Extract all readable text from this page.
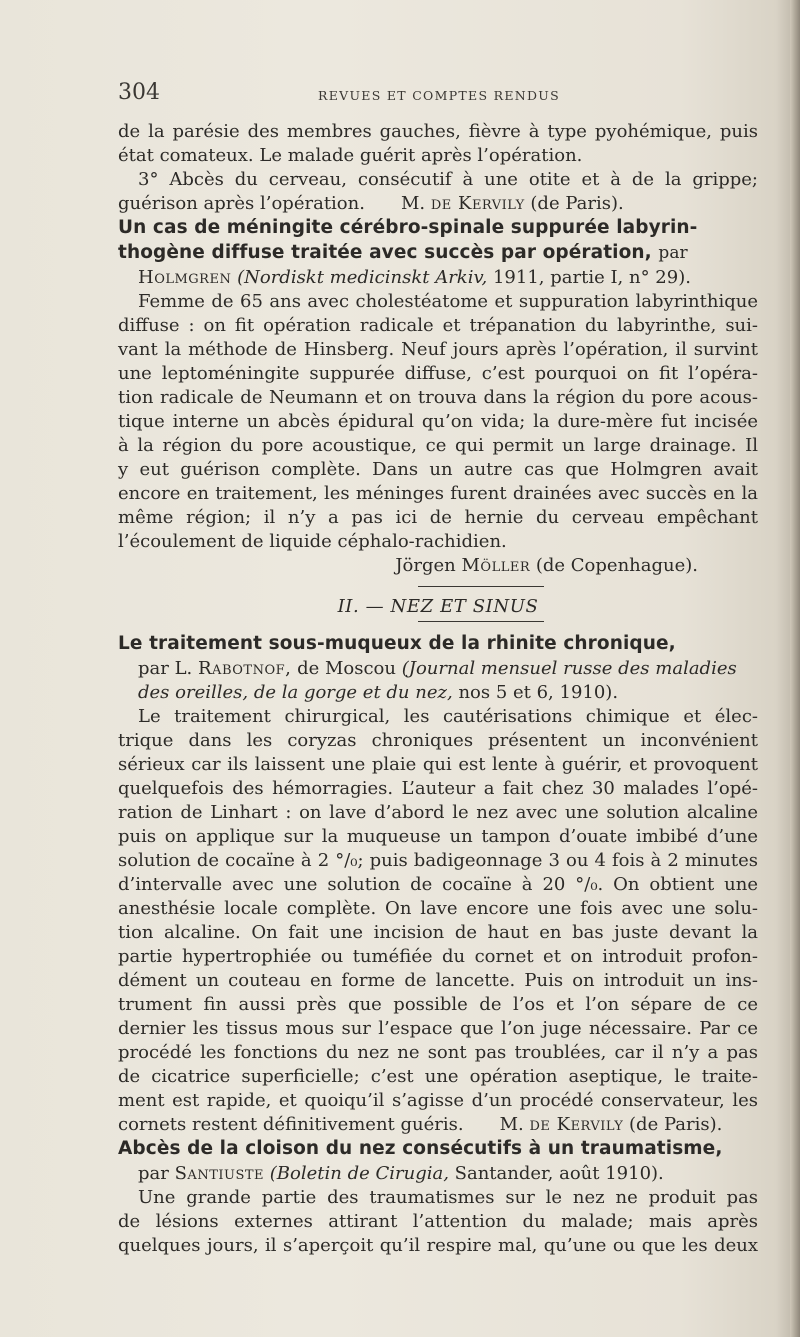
304	REVUES ET COMPTES RENDUS
de la parésie des membres gauches, fièvre à type pyohémique, puis
état comateux. Le malade guérit après l’opération.
3° Abcès du cerveau, consécutif à une otite et à de la grippe;
guérison après l’opération. M. de Kervily (de Paris).
Un cas de méningite cérébro-spinale suppurée labyrin-
thogène diffuse traitée avec succès par opération, par
Holmgren (Nordiskt medicinskt Arkiv, 1911, partie I, n° 29).
Femme de 65 ans avec cholestéatome et suppuration labyrinthique
diffuse : on fit opération radicale et trépanation du labyrinthe, sui-
vant la méthode de Hinsberg. Neuf jours après l’opération, il survint
une leptoméningite suppurée diffuse, c’est pourquoi on fit l’opéra-
tion radicale de Neumann et on trouva dans la région du pore acous-
tique interne un abcès épidural qu’on vida; la dure-mère fut incisée
à la région du pore acoustique, ce qui permit un large drainage. Il
y eut guérison complète. Dans un autre cas que Holmgren avait
encore en traitement, les méninges furent drainées avec succès en la
même région; il n’y a pas ici de hernie du cerveau empêchant
l’écoulement de liquide céphalo-rachidien.
Jörgen Möller (de Copenhague).
II. — NEZ ET SINUS
Le traitement sous-muqueux de la rhinite chronique,
par L. Rabotnof, de Moscou (Journal mensuel russe des maladies
des oreilles, de la gorge et du nez, nos 5 et 6, 1910).
Le traitement chirurgical, les cautérisations chimique et élec-
trique dans les coryzas chroniques présentent un inconvénient
sérieux car ils laissent une plaie qui est lente à guérir, et provoquent
quelquefois des hémorragies. L’auteur a fait chez 30 malades l’opé-
ration de Linhart : on lave d’abord le nez avec une solution alcaline
puis on applique sur la muqueuse un tampon d’ouate imbibé d’une
solution de cocaïne à 2 °/₀; puis badigeonnage 3 ou 4 fois à 2 minutes
d’intervalle avec une solution de cocaïne à 20 °/₀. On obtient une
anesthésie locale complète. On lave encore une fois avec une solu-
tion alcaline. On fait une incision de haut en bas juste devant la
partie hypertrophiée ou tuméfiée du cornet et on introduit profon-
dément un couteau en forme de lancette. Puis on introduit un ins-
trument fin aussi près que possible de l’os et l’on sépare de ce
dernier les tissus mous sur l’espace que l’on juge nécessaire. Par ce
procédé les fonctions du nez ne sont pas troublées, car il n’y a pas
de cicatrice superficielle; c’est une opération aseptique, le traite-
ment est rapide, et quoiqu’il s’agisse d’un procédé conservateur, les
cornets restent définitivement guéris. M. de Kervily (de Paris).
Abcès de la cloison du nez consécutifs à un traumatisme,
par Santiuste (Boletin de Cirugia, Santander, août 1910).
Une grande partie des traumatismes sur le nez ne produit pas
de lésions externes attirant l’attention du malade; mais après
quelques jours, il s’aperçoit qu’il respire mal, qu’une ou que les deux
